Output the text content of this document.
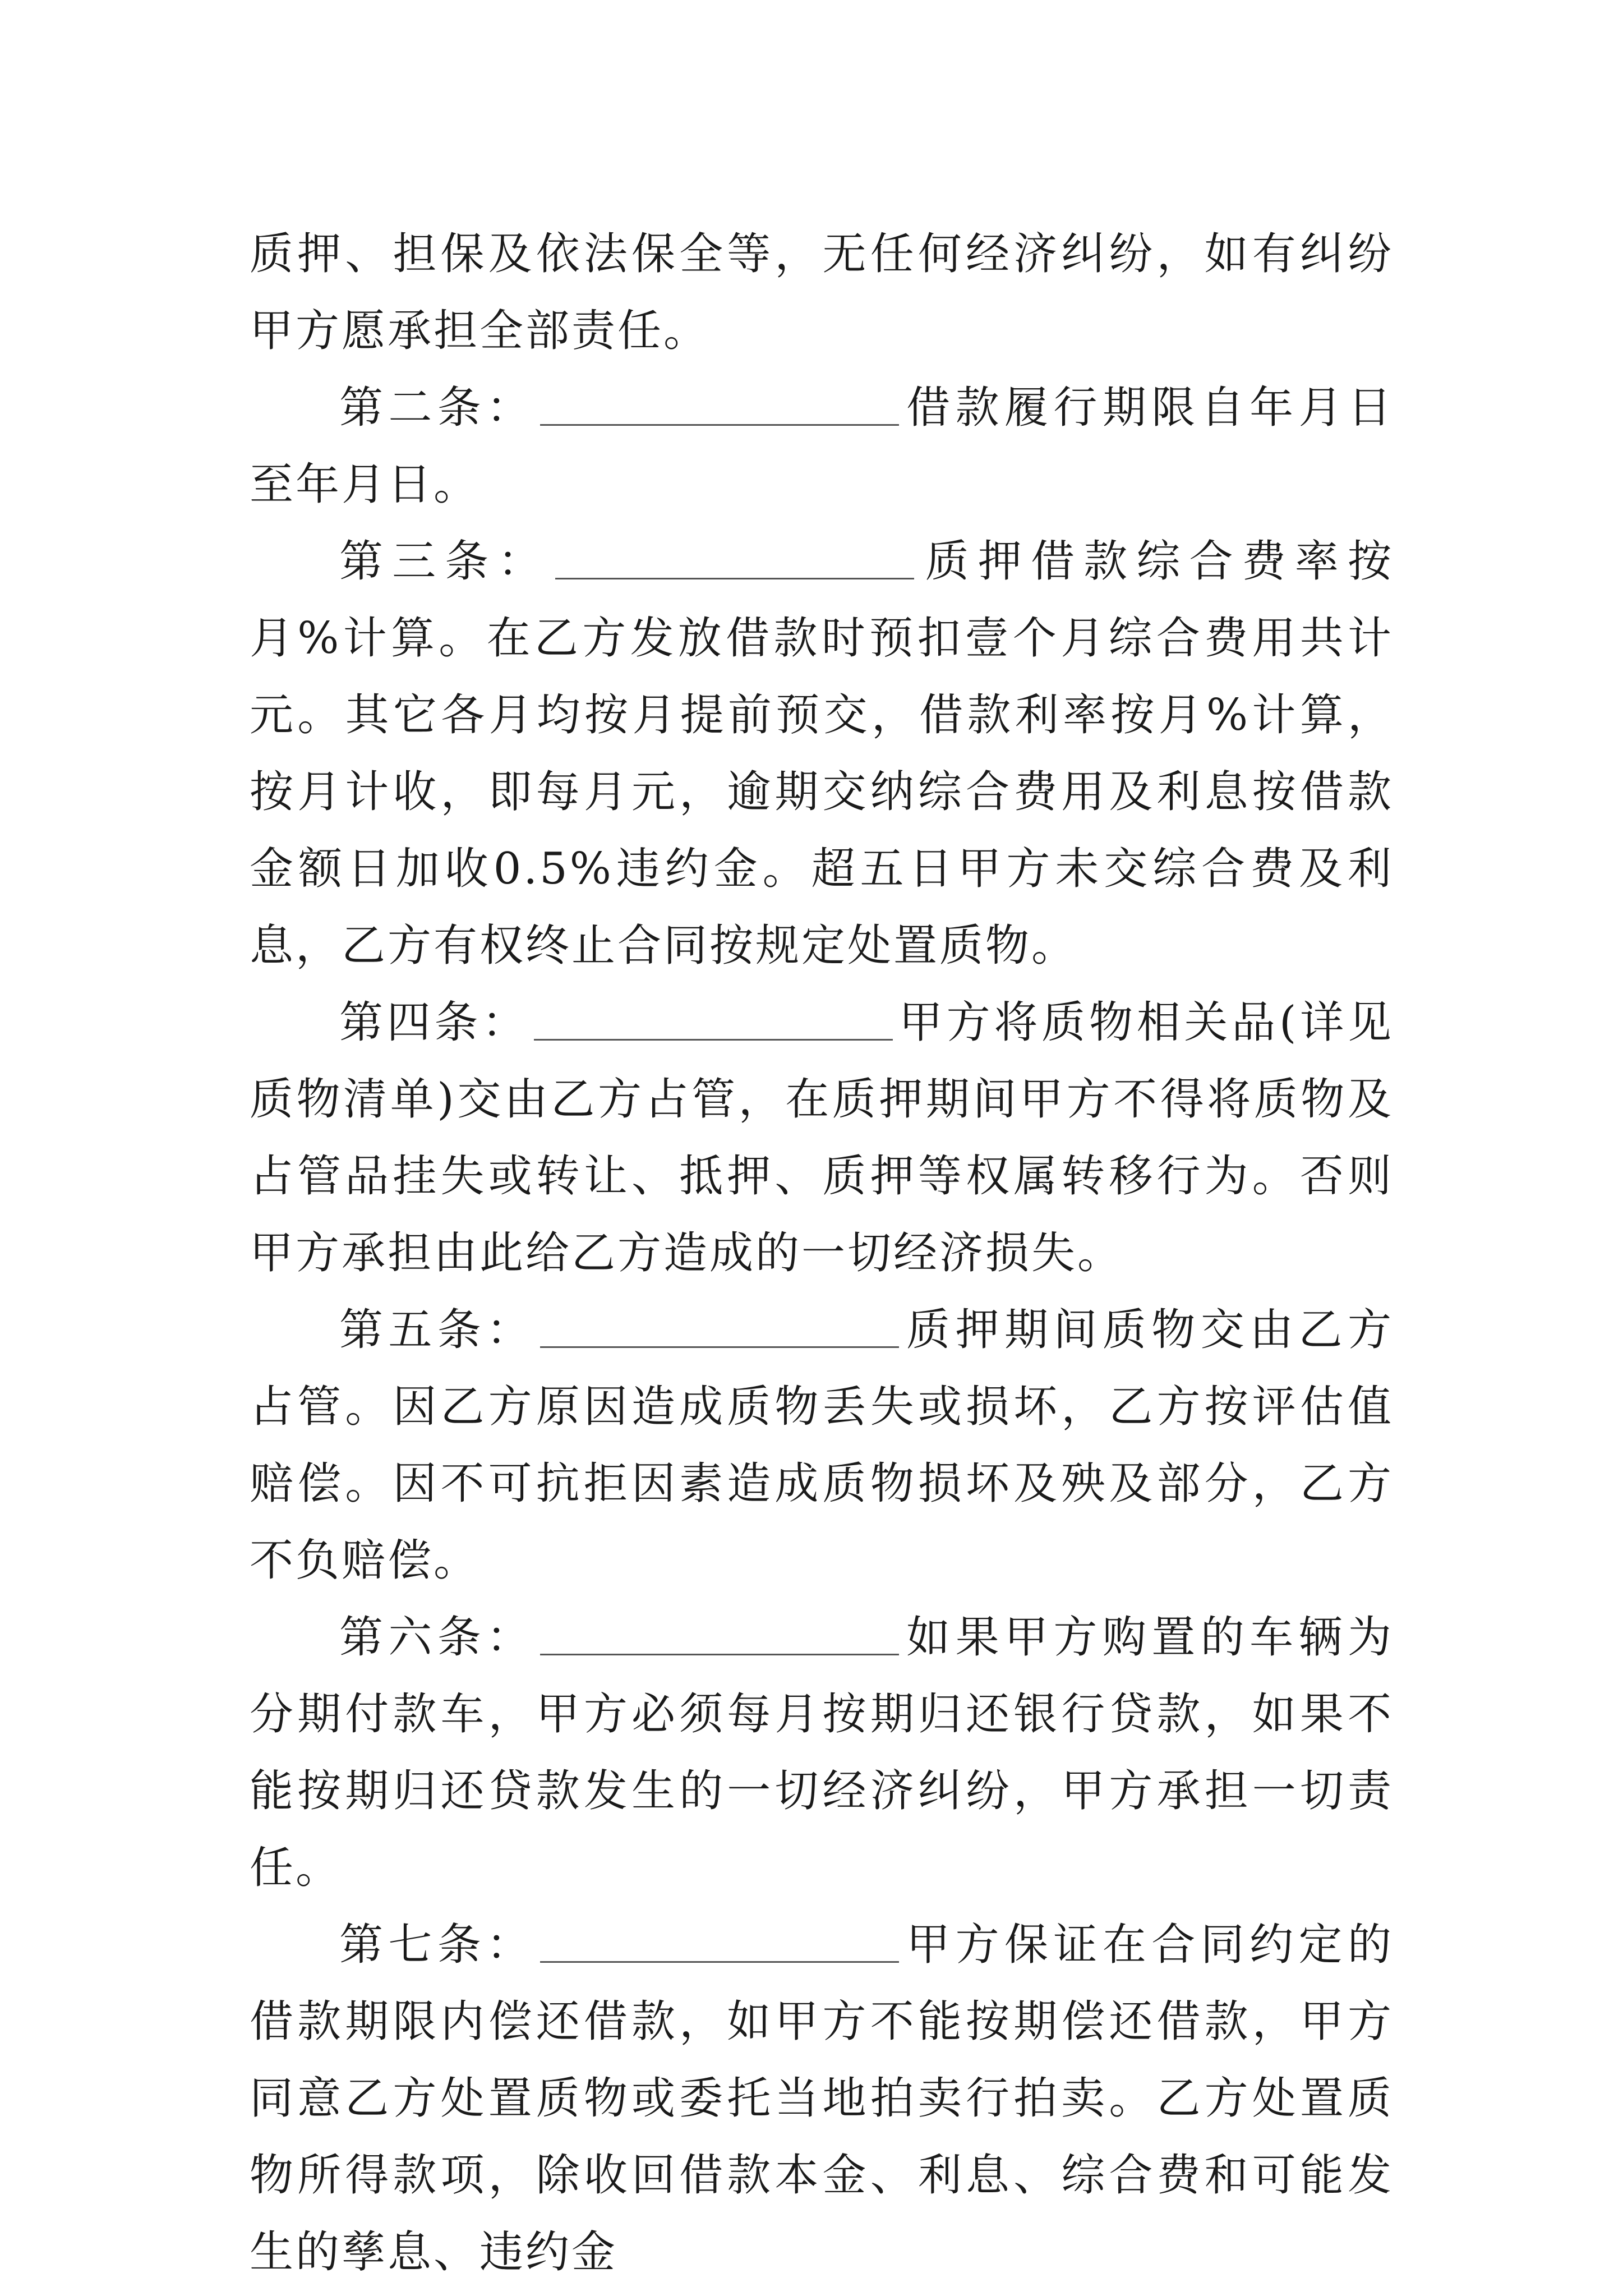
质押、担保及依法保全等，无任何经济纠纷，如有纠纷甲方愿承担全部责任。

第二条：	借款履行期限自年月日至年月日。

第三条：	质押借款综合费率按月%计算。在乙方发放借款时预扣壹个月综合费用共计元。其它各月均按月提前预交，借款利率按月%计算，按月计收，即每月元，逾期交纳综合费用及利息按借款金额日加收0.5%违约金。超五日甲方未交综合费及利息，乙方有权终止合同按规定处置质物。

第四条：	甲方将质物相关品(详见质物清单)交由乙方占管，在质押期间甲方不得将质物及占管品挂失或转让、抵押、质押等权属转移行为。否则甲方承担由此给乙方造成的一切经济损失。

第五条：	质押期间质物交由乙方占管。因乙方原因造成质物丢失或损坏，乙方按评估值赔偿。因不可抗拒因素造成质物损坏及殃及部分，乙方不负赔偿。

第六条：	如果甲方购置的车辆为分期付款车，甲方必须每月按期归还银行贷款，如果不能按期归还贷款发生的一切经济纠纷，甲方承担一切责任。

第七条：	甲方保证在合同约定的借款期限内偿还借款，如甲方不能按期偿还借款，甲方同意乙方处置质物或委托当地拍卖行拍卖。乙方处置质物所得款项，除收回借款本金、利息、综合费和可能发生的孳息、违约金
